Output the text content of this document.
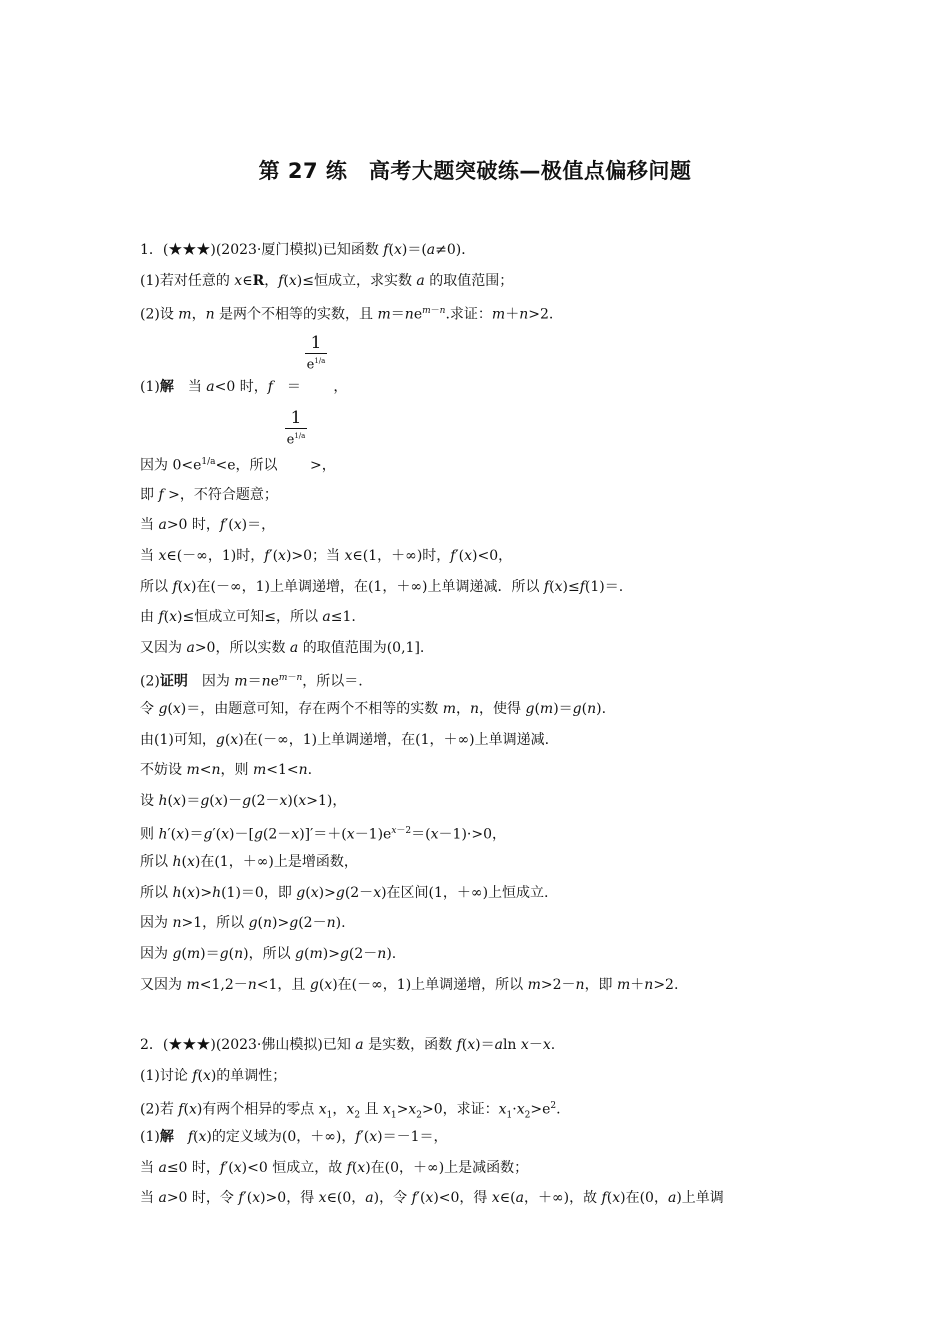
第 27 练　高考大题突破练—极值点偏移问题
1．(★★★)(2023·厦门模拟)已知函数 f(x)＝(a≠0)．
(1)若对任意的 x∈R，f(x)≤恒成立，求实数 a 的取值范围；
(2)设 m，n 是两个不相等的实数，且 $m=ne^{m-n}$.求证：m＋n>2.
1
$e^{1/a}$
(1)解　当 a<0 时，f　＝　　 ，
1
$e^{1/a}$
因为 $0<e^{1/a}<e$，所以　　 >，
即 f >，不符合题意；
当 a>0 时，f′(x)＝，
当 x∈(－∞，1)时，f′(x)>0；当 x∈(1，＋∞)时，f′(x)<0，
所以 f(x)在(－∞，1)上单调递增，在(1，＋∞)上单调递减．所以 f(x)≤f(1)＝.
由 f(x)≤恒成立可知≤，所以 a≤1.
又因为 a>0，所以实数 a 的取值范围为(0,1].
(2)证明　因为 $m=ne^{m-n}$，所以＝.
令 g(x)＝，由题意可知，存在两个不相等的实数 m，n，使得 g(m)＝g(n).
由(1)可知，g(x)在(－∞，1)上单调递增，在(1，＋∞)上单调递减.
不妨设 m<n，则 m<1<n.
设 h(x)＝g(x)－g(2－x)(x>1)，
则 $h'(x)=g'(x)-[g(2-x)]'=+(x-1)e^{x-2}=(x-1)\cdot>0$，
所以 h(x)在(1，＋∞)上是增函数，
所以 h(x)>h(1)＝0，即 g(x)>g(2－x)在区间(1，＋∞)上恒成立.
因为 n>1，所以 g(n)>g(2－n).
因为 g(m)＝g(n)，所以 g(m)>g(2－n).
又因为 m<1,2－n<1，且 g(x)在(－∞，1)上单调递增，所以 m>2－n，即 m＋n>2.
2．(★★★)(2023·佛山模拟)已知 a 是实数，函数 f(x)＝aln x－x.
(1)讨论 f(x)的单调性；
(2)若 f(x)有两个相异的零点 $x_1$，$x_2$ 且 $x_1>x_2>0$，求证：$x_1\cdot x_2>e^2$.
(1)解　 f(x)的定义域为(0，＋∞)，f′(x)＝－1＝，
当 a≤0 时，f′(x)<0 恒成立，故 f(x)在(0，＋∞)上是减函数；
当 a>0 时，令 f′(x)>0，得 x∈(0，a)，令 f′(x)<0，得 x∈(a，＋∞)，故 f(x)在(0，a)上单调
